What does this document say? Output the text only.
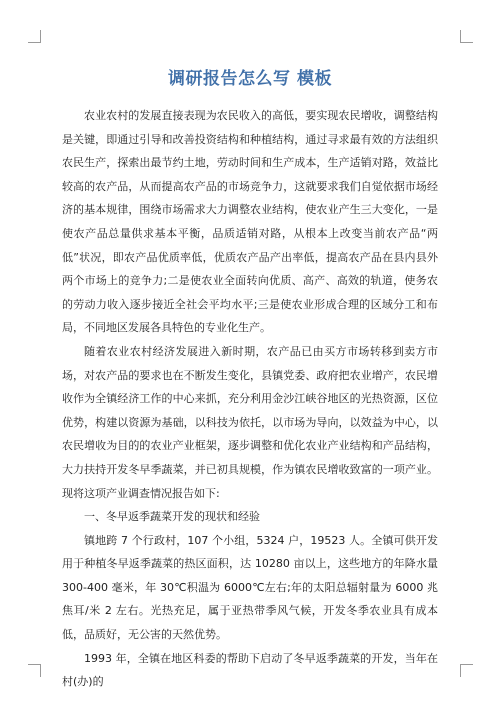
调研报告怎么写 模板

农业农村的发展直接表现为农民收入的高低，要实现农民增收，调整结构是关键，即通过引导和改善投资结构和种植结构，通过寻求最有效的方法组织农民生产，探索出最节约土地，劳动时间和生产成本，生产适销对路，效益比较高的农产品，从而提高农产品的市场竞争力，这就要求我们自觉依据市场经济的基本规律，围绕市场需求大力调整农业结构，使农业产生三大变化，一是使农产品总量供求基本平衡，品质适销对路，从根本上改变当前农产品“两低”状况，即农产品优质率低，优质农产品产出率低，提高农产品在县内县外两个市场上的竞争力;二是使农业全面转向优质、高产、高效的轨道，使务农的劳动力收入逐步接近全社会平均水平;三是使农业形成合理的区域分工和布局，不同地区发展各具特色的专业化生产。

随着农业农村经济发展进入新时期，农产品已由买方市场转移到卖方市场，对农产品的要求也在不断发生变化，县镇党委、政府把农业增产，农民增收作为全镇经济工作的中心来抓，充分利用金沙江峡谷地区的光热资源，区位优势，构建以资源为基础，以科技为依托，以市场为导向，以效益为中心，以农民增收为目的的农业产业框架，逐步调整和优化农业产业结构和产品结构，大力扶持开发冬早季蔬菜，并已初具规模，作为镇农民增收致富的一项产业。现将这项产业调查情况报告如下:

一、冬早返季蔬菜开发的现状和经验

镇地跨 7 个行政村，107 个小组，5324 户，19523 人。全镇可供开发用于种植冬早返季蔬菜的热区面积，达 10280 亩以上，这些地方的年降水量 300-400 毫米，年 30℃积温为 6000℃左右;年的太阳总辐射量为 6000 兆焦耳/米 2 左右。光热充足，属于亚热带季风气候，开发冬季农业具有成本低，品质好，无公害的天然优势。

1993 年，全镇在地区科委的帮助下启动了冬早返季蔬菜的开发，当年在村(办)的
